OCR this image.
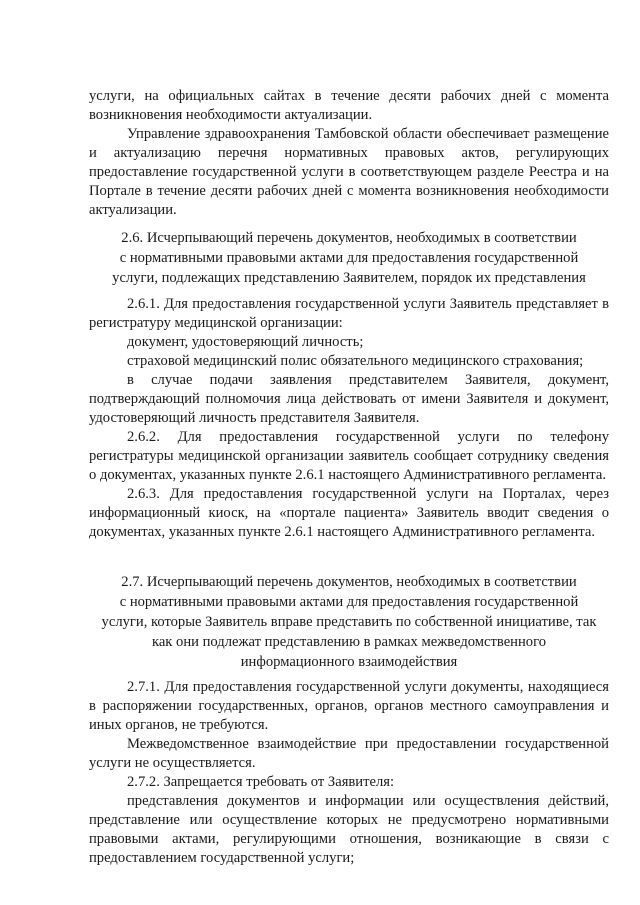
услуги, на официальных сайтах в течение десяти рабочих дней с момента возникновения необходимости актуализации.

Управление здравоохранения Тамбовской области обеспечивает размещение и актуализацию перечня нормативных правовых актов, регулирующих предоставление государственной услуги в соответствующем разделе Реестра и на Портале в течение десяти рабочих дней с момента возникновения необходимости актуализации.

2.6. Исчерпывающий перечень документов, необходимых в соответствии
с нормативными правовыми актами для предоставления государственной
услуги, подлежащих представлению Заявителем, порядок их представления

2.6.1. Для предоставления государственной услуги Заявитель представляет в регистратуру медицинской организации:

документ, удостоверяющий личность;

страховой медицинский полис обязательного медицинского страхования;

в случае подачи заявления представителем Заявителя, документ, подтверждающий полномочия лица действовать от имени Заявителя и документ, удостоверяющий личность представителя Заявителя.

2.6.2. Для предоставления государственной услуги по телефону регистратуры медицинской организации заявитель сообщает сотруднику сведения о документах, указанных пункте 2.6.1 настоящего Административного регламента.

2.6.3. Для предоставления государственной услуги на Порталах, через информационный киоск, на «портале пациента» Заявитель вводит сведения о документах, указанных пункте 2.6.1 настоящего Административного регламента.

2.7. Исчерпывающий перечень документов, необходимых в соответствии
с нормативными правовыми актами для предоставления государственной
услуги, которые Заявитель вправе представить по собственной инициативе, так
как они подлежат представлению в рамках межведомственного
информационного взаимодействия

2.7.1. Для предоставления государственной услуги документы, находящиеся в распоряжении государственных, органов, органов местного самоуправления и иных органов, не требуются.

Межведомственное взаимодействие при предоставлении государственной услуги не осуществляется.

2.7.2. Запрещается требовать от Заявителя:

представления документов и информации или осуществления действий, представление или осуществление которых не предусмотрено нормативными правовыми актами, регулирующими отношения, возникающие в связи с предоставлением государственной услуги;
